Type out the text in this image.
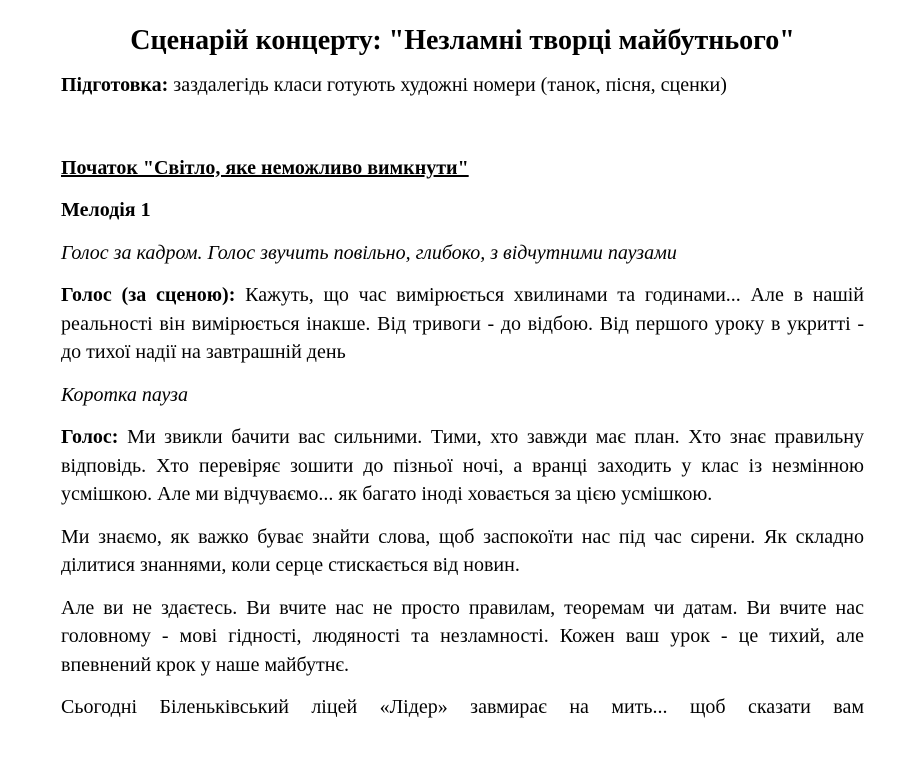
Сценарій концерту: "Незламні творці майбутнього"

Підготовка: заздалегідь класи готують художні номери (танок, пісня, сценки)

Початок "Світло, яке неможливо вимкнути"

Мелодія 1

Голос за кадром. Голос звучить повільно, глибоко, з відчутними паузами

Голос (за сценою): Кажуть, що час вимірюється хвилинами та годинами... Але в нашій реальності він вимірюється інакше. Від тривоги - до відбою. Від першого уроку в укритті - до тихої надії на завтрашній день

Коротка пауза

Голос: Ми звикли бачити вас сильними. Тими, хто завжди має план. Хто знає правильну відповідь. Хто перевіряє зошити до пізньої ночі, а вранці заходить у клас із незмінною усмішкою. Але ми відчуваємо... як багато іноді ховається за цією усмішкою.

Ми знаємо, як важко буває знайти слова, щоб заспокоїти нас під час сирени. Як складно ділитися знаннями, коли серце стискається від новин.

Але ви не здаєтесь. Ви вчите нас не просто правилам, теоремам чи датам. Ви вчите нас головному - мові гідності, людяності та незламності. Кожен ваш урок - це тихий, але впевнений крок у наше майбутнє.

Сьогодні Біленьківський ліцей «Лідер» завмирає на мить... щоб сказати вам
